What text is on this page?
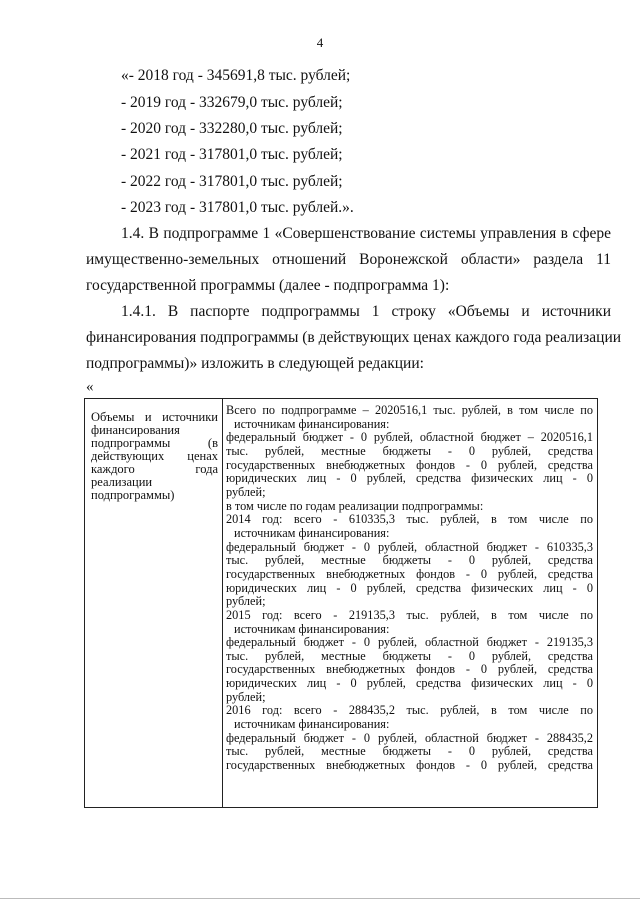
4
«- 2018 год - 345691,8 тыс. рублей;
- 2019 год - 332679,0 тыс. рублей;
- 2020 год - 332280,0 тыс. рублей;
- 2021 год - 317801,0 тыс. рублей;
- 2022 год - 317801,0 тыс. рублей;
- 2023 год - 317801,0 тыс. рублей.».
1.4. В подпрограмме 1 «Совершенствование системы управления в сфере
имущественно-земельных отношений Воронежской области» раздела 11
государственной программы (далее - подпрограмма 1):
1.4.1. В паспорте подпрограммы 1 строку «Объемы и источники
финансирования подпрограммы (в действующих ценах каждого года реализации
подпрограммы)» изложить в следующей редакции:
«
Объемы и источники
финансирования
подпрограммы (в
действующих ценах
каждого года
реализации
подпрограммы)
Всего по подпрограмме – 2020516,1 тыс. рублей, в том числе по
источникам финансирования:
федеральный бюджет - 0 рублей, областной бюджет – 2020516,1
тыс. рублей, местные бюджеты - 0 рублей, средства
государственных внебюджетных фондов - 0 рублей, средства
юридических лиц - 0 рублей, средства физических лиц - 0
рублей;
в том числе по годам реализации подпрограммы:
2014 год: всего - 610335,3 тыс. рублей, в том числе по
источникам финансирования:
федеральный бюджет - 0 рублей, областной бюджет - 610335,3
тыс. рублей, местные бюджеты - 0 рублей, средства
государственных внебюджетных фондов - 0 рублей, средства
юридических лиц - 0 рублей, средства физических лиц - 0
рублей;
2015 год: всего - 219135,3 тыс. рублей, в том числе по
источникам финансирования:
федеральный бюджет - 0 рублей, областной бюджет - 219135,3
тыс. рублей, местные бюджеты - 0 рублей, средства
государственных внебюджетных фондов - 0 рублей, средства
юридических лиц - 0 рублей, средства физических лиц - 0
рублей;
2016 год: всего - 288435,2 тыс. рублей, в том числе по
источникам финансирования:
федеральный бюджет - 0 рублей, областной бюджет - 288435,2
тыс. рублей, местные бюджеты - 0 рублей, средства
государственных внебюджетных фондов - 0 рублей, средства
